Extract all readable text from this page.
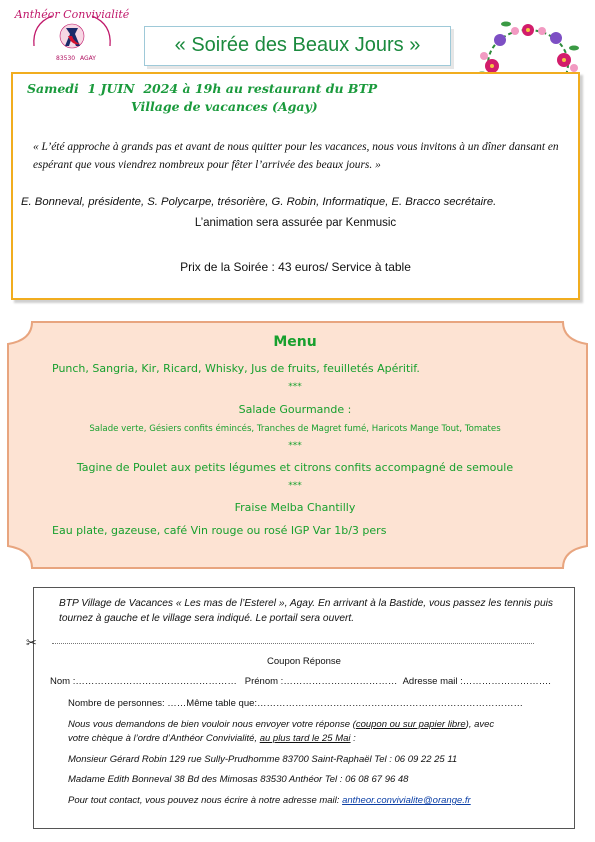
Anthéor Convivialité
83530 AGAY
« Soirée des Beaux Jours »
Samedi  1 JUIN  2024 à 19h au restaurant du BTP
Village de vacances (Agay)
« L’été approche à grands pas et avant de nous quitter pour les vacances, nous vous invitons à un dîner dansant en espérant que vous viendrez nombreux pour fêter l’arrivée des beaux jours. »
E. Bonneval, présidente, S. Polycarpe, trésorière, G. Robin, Informatique, E. Bracco secrétaire.
L’animation sera assurée par Kenmusic
Prix de la Soirée : 43 euros/ Service à table
Menu
Punch, Sangria, Kir, Ricard, Whisky, Jus de fruits, feuilletés Apéritif.
***
Salade Gourmande :
Salade verte, Gésiers confits émincés, Tranches de Magret fumé, Haricots Mange Tout, Tomates
***
Tagine de Poulet aux petits légumes et citrons confits accompagné de semoule
***
Fraise Melba Chantilly
Eau plate, gazeuse, café Vin rouge ou rosé IGP Var 1b/3 pers
BTP Village de Vacances « Les mas de l’Esterel », Agay. En arrivant à la Bastide, vous passez les tennis puis tournez à gauche et le village sera indiqué. Le portail sera ouvert.
✂
Coupon Réponse
Nom :…………………………………………… Prénom :……………………………… Adresse mail :……………………….
Nombre de personnes: ……Même table que:…………………………………………………………………………
Nous vous demandons de bien vouloir nous envoyer votre réponse (coupon ou sur papier libre), avec
votre chèque à l’ordre d’Anthéor Convivialité, au plus tard le 25 Mai :
Monsieur Gérard Robin 129 rue Sully-Prudhomme 83700 Saint-Raphaël Tel : 06 09 22 25 11
Madame Edith Bonneval 38 Bd des Mimosas 83530 Anthéor Tel : 06 08 67 96 48
Pour tout contact, vous pouvez nous écrire à notre adresse mail: antheor.convivialite@orange.fr
